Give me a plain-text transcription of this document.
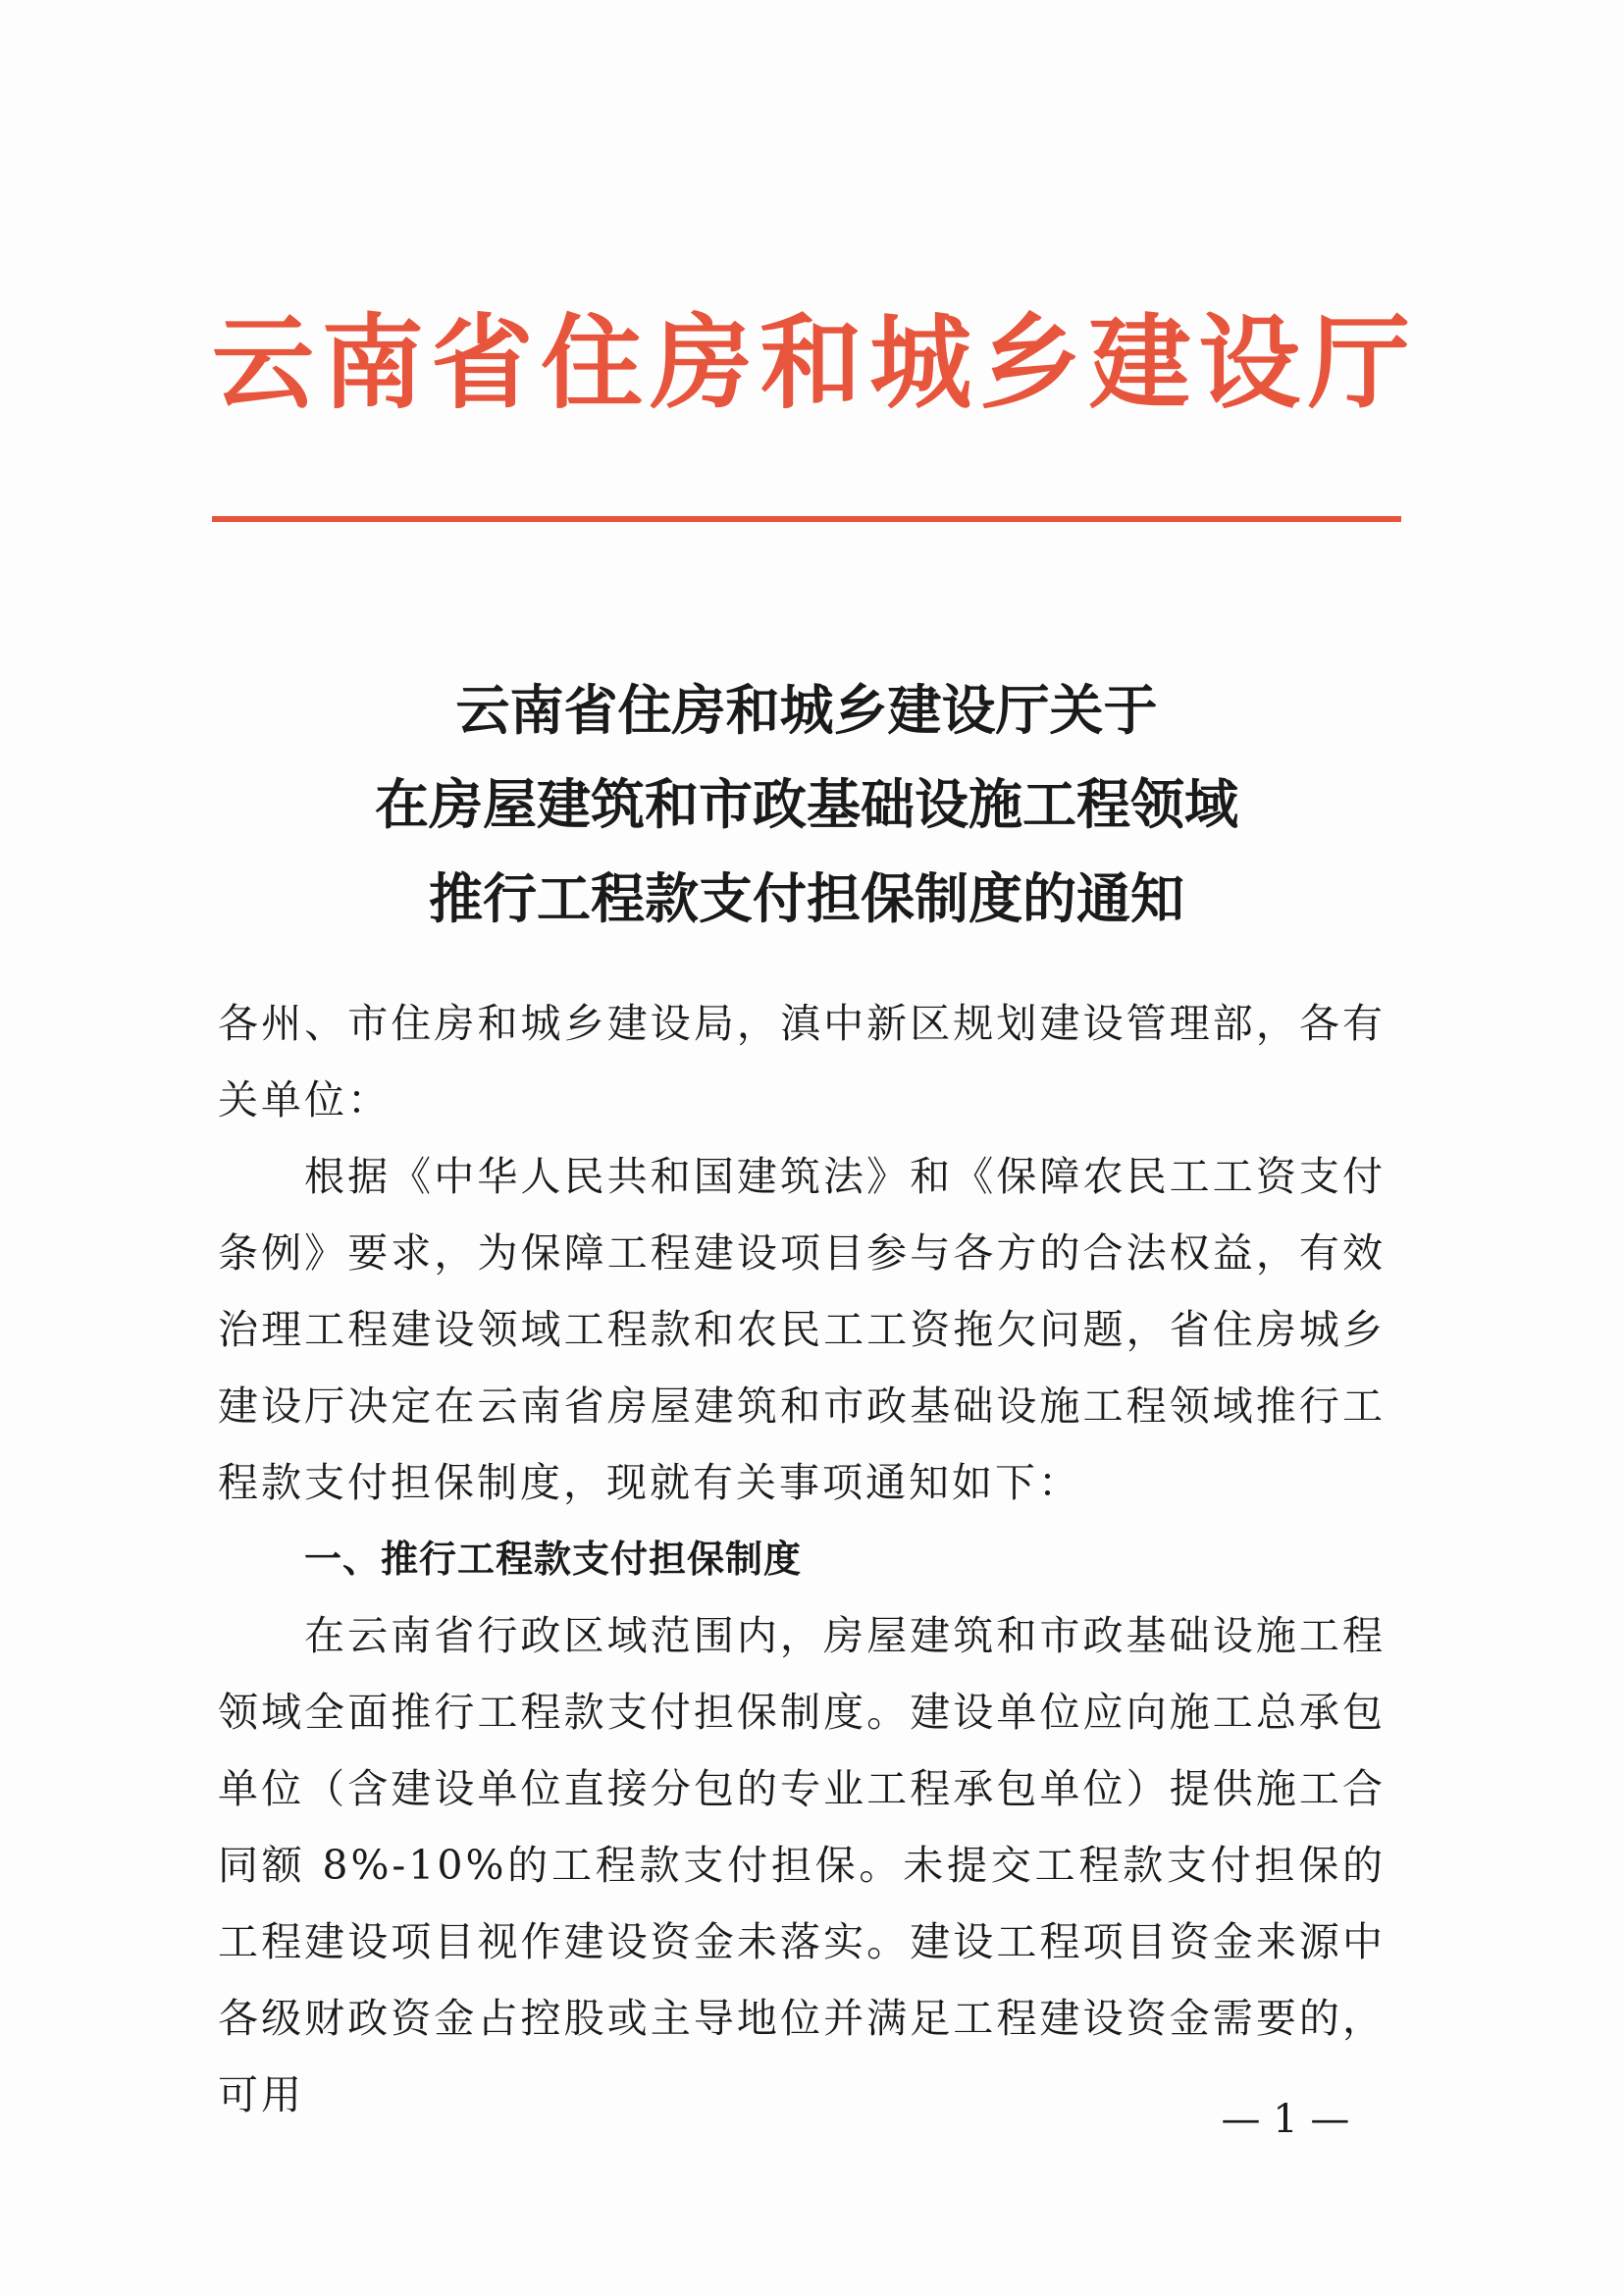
云南省住房和城乡建设厅
云南省住房和城乡建设厅关于
在房屋建筑和市政基础设施工程领域
推行工程款支付担保制度的通知

各州、市住房和城乡建设局，滇中新区规划建设管理部，各有关单位：

根据《中华人民共和国建筑法》和《保障农民工工资支付条例》要求，为保障工程建设项目参与各方的合法权益，有效治理工程建设领域工程款和农民工工资拖欠问题，省住房城乡建设厅决定在云南省房屋建筑和市政基础设施工程领域推行工程款支付担保制度，现就有关事项通知如下：

一、推行工程款支付担保制度

在云南省行政区域范围内，房屋建筑和市政基础设施工程领域全面推行工程款支付担保制度。建设单位应向施工总承包单位（含建设单位直接分包的专业工程承包单位）提供施工合同额 8%-10%的工程款支付担保。未提交工程款支付担保的工程建设项目视作建设资金未落实。建设工程项目资金来源中各级财政资金占控股或主导地位并满足工程建设资金需要的，可用

— 1 —
